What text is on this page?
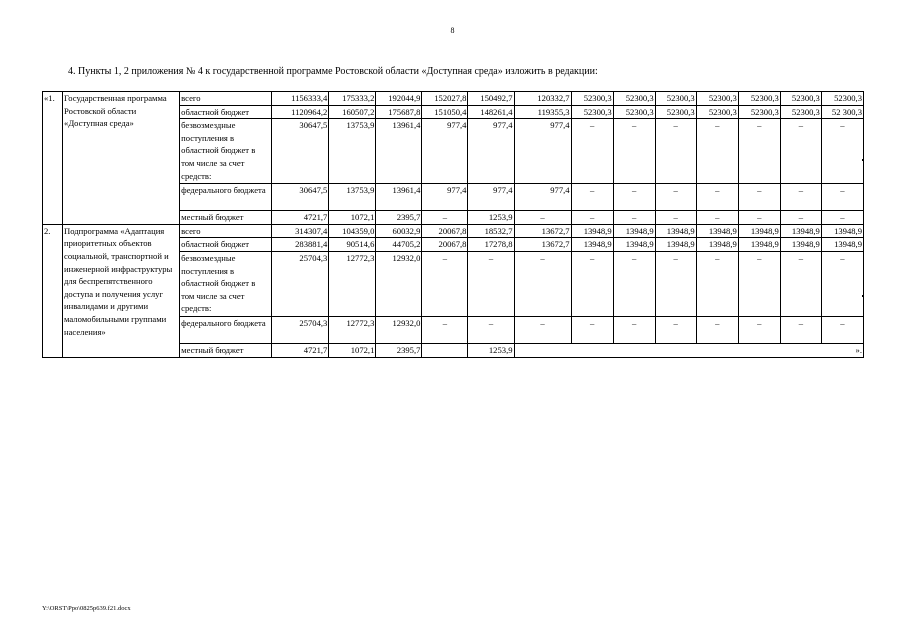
8
4. Пункты 1, 2 приложения № 4 к государственной программе Ростовской области «Доступная среда» изложить в редакции:
«1.	Государственная программа Ростовской области «Доступная среда»	всего	1156333,4	175333,2	192044,9	152027,8	150492,7	120332,7	52300,3	52300,3	52300,3	52300,3	52300,3	52300,3	52300,3
		областной бюджет	1120964,2	160507,2	175687,8	151050,4	148261,4	119355,3	52300,3	52300,3	52300,3	52300,3	52300,3	52300,3	52 300,3
		безвозмездные поступления в областной бюджет в том числе за счет средств:	30647,5	13753,9	13961,4	977,4	977,4	977,4	–	–	–	–	–	–	–
		федерального бюджета	30647,5	13753,9	13961,4	977,4	977,4	977,4	–	–	–	–	–	–	–
		местный бюджет	4721,7	1072,1	2395,7	–	1253,9	–	–	–	–	–	–	–	–
2.	Подпрограмма «Адаптация приоритетных объектов социальной, транспортной и инженерной инфраструктуры для беспрепятственного доступа и получения услуг инвалидами и другими маломобильными группами населения»	всего	314307,4	104359,0	60032,9	20067,8	18532,7	13672,7	13948,9	13948,9	13948,9	13948,9	13948,9	13948,9	13948,9
		областной бюджет	283881,4	90514,6	44705,2	20067,8	17278,8	13672,7	13948,9	13948,9	13948,9	13948,9	13948,9	13948,9	13948,9
		безвозмездные поступления в областной бюджет в том числе за счет средств:	25704,3	12772,3	12932,0	–	–	–	–	–	–	–	–	–	–
		федерального бюджета	25704,3	12772,3	12932,0	–	–	–	–	–	–	–	–	–	–
		местный бюджет	4721,7	1072,1	2395,7		1253,9								».
Y:\ORST\Ppo\0825p639.f21.docx
